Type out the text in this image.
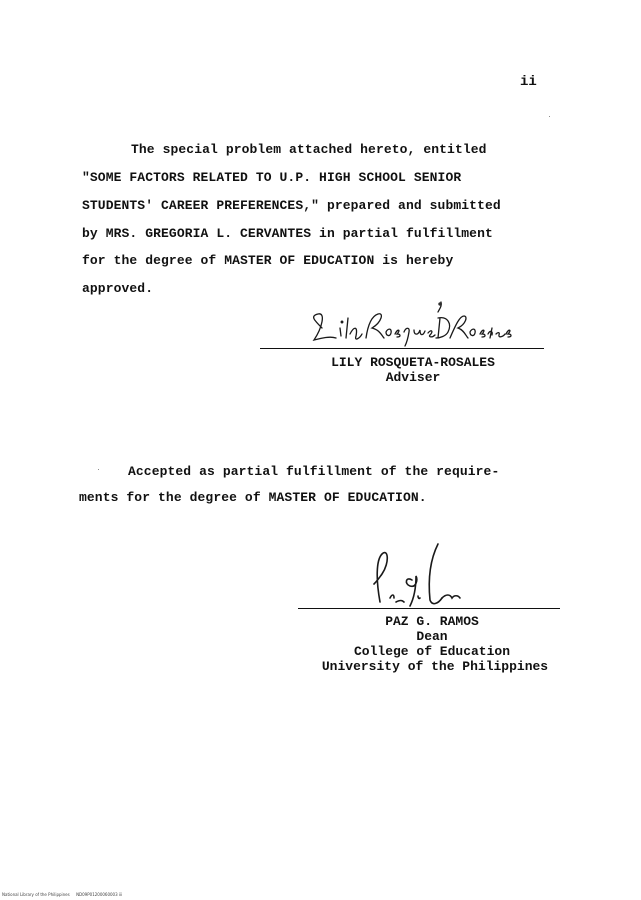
ii
The special problem attached hereto, entitled
"SOME FACTORS RELATED TO U.P. HIGH SCHOOL SENIOR
STUDENTS' CAREER PREFERENCES," prepared and submitted
by MRS. GREGORIA L. CERVANTES in partial fulfillment
for the degree of MASTER OF EDUCATION is hereby
approved.
LILY ROSQUETA-ROSALES
Adviser
Accepted as partial fulfillment of the require-
ments for the degree of MASTER OF EDUCATION.
PAZ G. RAMOS
Dean
College of Education
University of the Philippines
National Library of the Philippines     ND09P01200060003 iii
